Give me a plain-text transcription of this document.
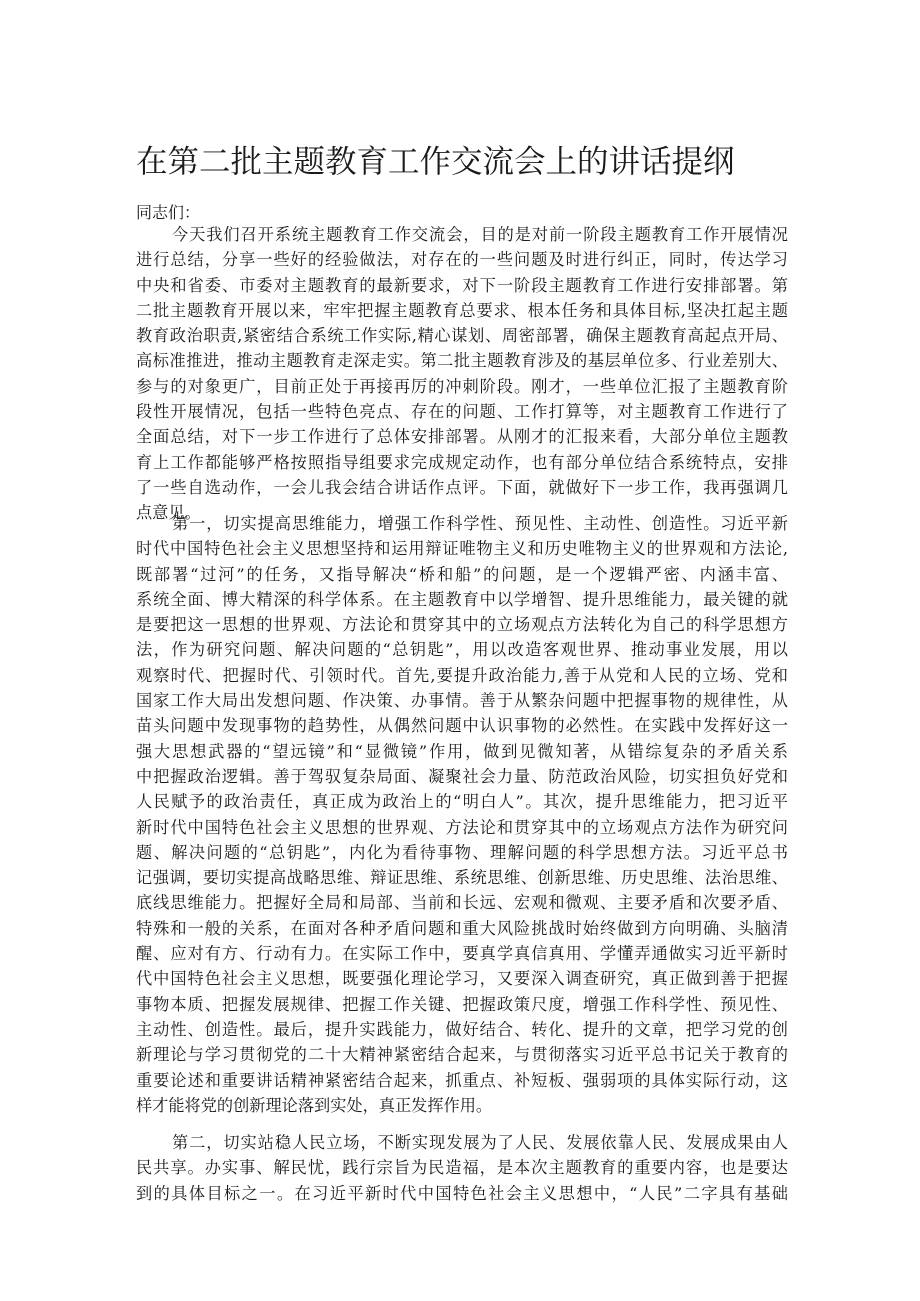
在第二批主题教育工作交流会上的讲话提纲

同志们：

今天我们召开系统主题教育工作交流会，目的是对前一阶段主题教育工作开展情况
进行总结，分享一些好的经验做法，对存在的一些问题及时进行纠正，同时，传达学习
中央和省委、市委对主题教育的最新要求，对下一阶段主题教育工作进行安排部署。第
二批主题教育开展以来，牢牢把握主题教育总要求、根本任务和具体目标,坚决扛起主题
教育政治职责,紧密结合系统工作实际,精心谋划、周密部署，确保主题教育高起点开局、
高标准推进，推动主题教育走深走实。第二批主题教育涉及的基层单位多、行业差别大、
参与的对象更广，目前正处于再接再厉的冲刺阶段。刚才，一些单位汇报了主题教育阶
段性开展情况，包括一些特色亮点、存在的问题、工作打算等，对主题教育工作进行了
全面总结，对下一步工作进行了总体安排部署。从刚才的汇报来看，大部分单位主题教
育上工作都能够严格按照指导组要求完成规定动作，也有部分单位结合系统特点，安排
了一些自选动作，一会儿我会结合讲话作点评。下面，就做好下一步工作，我再强调几
点意见。
第一，切实提高思维能力，增强工作科学性、预见性、主动性、创造性。习近平新
时代中国特色社会主义思想坚持和运用辩证唯物主义和历史唯物主义的世界观和方法论,
既部署“过河”的任务，又指导解决“桥和船”的问题，是一个逻辑严密、内涵丰富、
系统全面、博大精深的科学体系。在主题教育中以学增智、提升思维能力，最关键的就
是要把这一思想的世界观、方法论和贯穿其中的立场观点方法转化为自己的科学思想方
法，作为研究问题、解决问题的“总钥匙”，用以改造客观世界、推动事业发展，用以
观察时代、把握时代、引领时代。首先,要提升政治能力,善于从党和人民的立场、党和
国家工作大局出发想问题、作决策、办事情。善于从繁杂问题中把握事物的规律性，从
苗头问题中发现事物的趋势性，从偶然问题中认识事物的必然性。在实践中发挥好这一
强大思想武器的“望远镜”和“显微镜”作用，做到见微知著，从错综复杂的矛盾关系
中把握政治逻辑。善于驾驭复杂局面、凝聚社会力量、防范政治风险，切实担负好党和
人民赋予的政治责任，真正成为政治上的“明白人”。其次，提升思维能力，把习近平
新时代中国特色社会主义思想的世界观、方法论和贯穿其中的立场观点方法作为研究问
题、解决问题的“总钥匙”，内化为看待事物、理解问题的科学思想方法。习近平总书
记强调，要切实提高战略思维、辩证思维、系统思维、创新思维、历史思维、法治思维、
底线思维能力。把握好全局和局部、当前和长远、宏观和微观、主要矛盾和次要矛盾、
特殊和一般的关系，在面对各种矛盾问题和重大风险挑战时始终做到方向明确、头脑清
醒、应对有方、行动有力。在实际工作中，要真学真信真用、学懂弄通做实习近平新时
代中国特色社会主义思想，既要强化理论学习，又要深入调查研究，真正做到善于把握
事物本质、把握发展规律、把握工作关键、把握政策尺度，增强工作科学性、预见性、
主动性、创造性。最后，提升实践能力，做好结合、转化、提升的文章，把学习党的创
新理论与学习贯彻党的二十大精神紧密结合起来，与贯彻落实习近平总书记关于教育的
重要论述和重要讲话精神紧密结合起来，抓重点、补短板、强弱项的具体实际行动，这
样才能将党的创新理论落到实处，真正发挥作用。
第二，切实站稳人民立场，不断实现发展为了人民、发展依靠人民、发展成果由人
民共享。办实事、解民忧，践行宗旨为民造福，是本次主题教育的重要内容，也是要达
到的具体目标之一。在习近平新时代中国特色社会主义思想中，“人民”二字具有基础
